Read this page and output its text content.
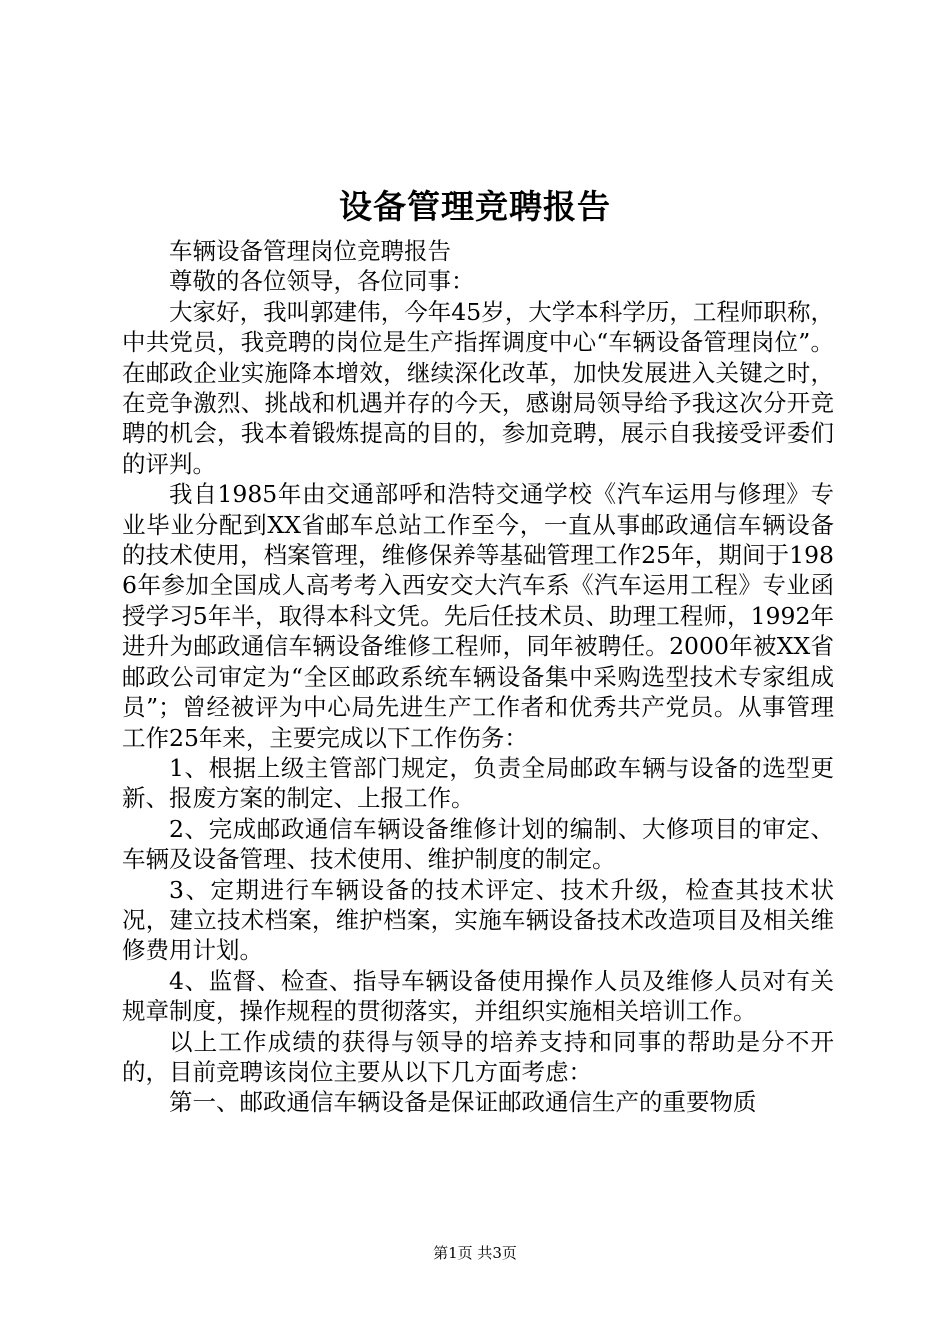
设备管理竞聘报告

车辆设备管理岗位竞聘报告

尊敬的各位领导，各位同事：

大家好，我叫郭建伟，今年45岁，大学本科学历，工程师职称，中共党员，我竞聘的岗位是生产指挥调度中心“车辆设备管理岗位”。在邮政企业实施降本增效，继续深化改革，加快发展进入关键之时，在竞争激烈、挑战和机遇并存的今天，感谢局领导给予我这次分开竞聘的机会，我本着锻炼提高的目的，参加竞聘，展示自我接受评委们的评判。

我自1985年由交通部呼和浩特交通学校《汽车运用与修理》专业毕业分配到XX省邮车总站工作至今，一直从事邮政通信车辆设备的技术使用，档案管理，维修保养等基础管理工作25年，期间于1986年参加全国成人高考考入西安交大汽车系《汽车运用工程》专业函授学习5年半，取得本科文凭。先后任技术员、助理工程师，1992年进升为邮政通信车辆设备维修工程师，同年被聘任。2000年被XX省邮政公司审定为“全区邮政系统车辆设备集中采购选型技术专家组成员”；曾经被评为中心局先进生产工作者和优秀共产党员。从事管理工作25年来，主要完成以下工作伤务：

1、根据上级主管部门规定，负责全局邮政车辆与设备的选型更新、报废方案的制定、上报工作。

2、完成邮政通信车辆设备维修计划的编制、大修项目的审定、车辆及设备管理、技术使用、维护制度的制定。

3、定期进行车辆设备的技术评定、技术升级，检查其技术状况，建立技术档案，维护档案，实施车辆设备技术改造项目及相关维修费用计划。

4、监督、检查、指导车辆设备使用操作人员及维修人员对有关规章制度，操作规程的贯彻落实，并组织实施相关培训工作。

以上工作成绩的获得与领导的培养支持和同事的帮助是分不开的，目前竞聘该岗位主要从以下几方面考虑：

第一、邮政通信车辆设备是保证邮政通信生产的重要物质

第1页 共3页
